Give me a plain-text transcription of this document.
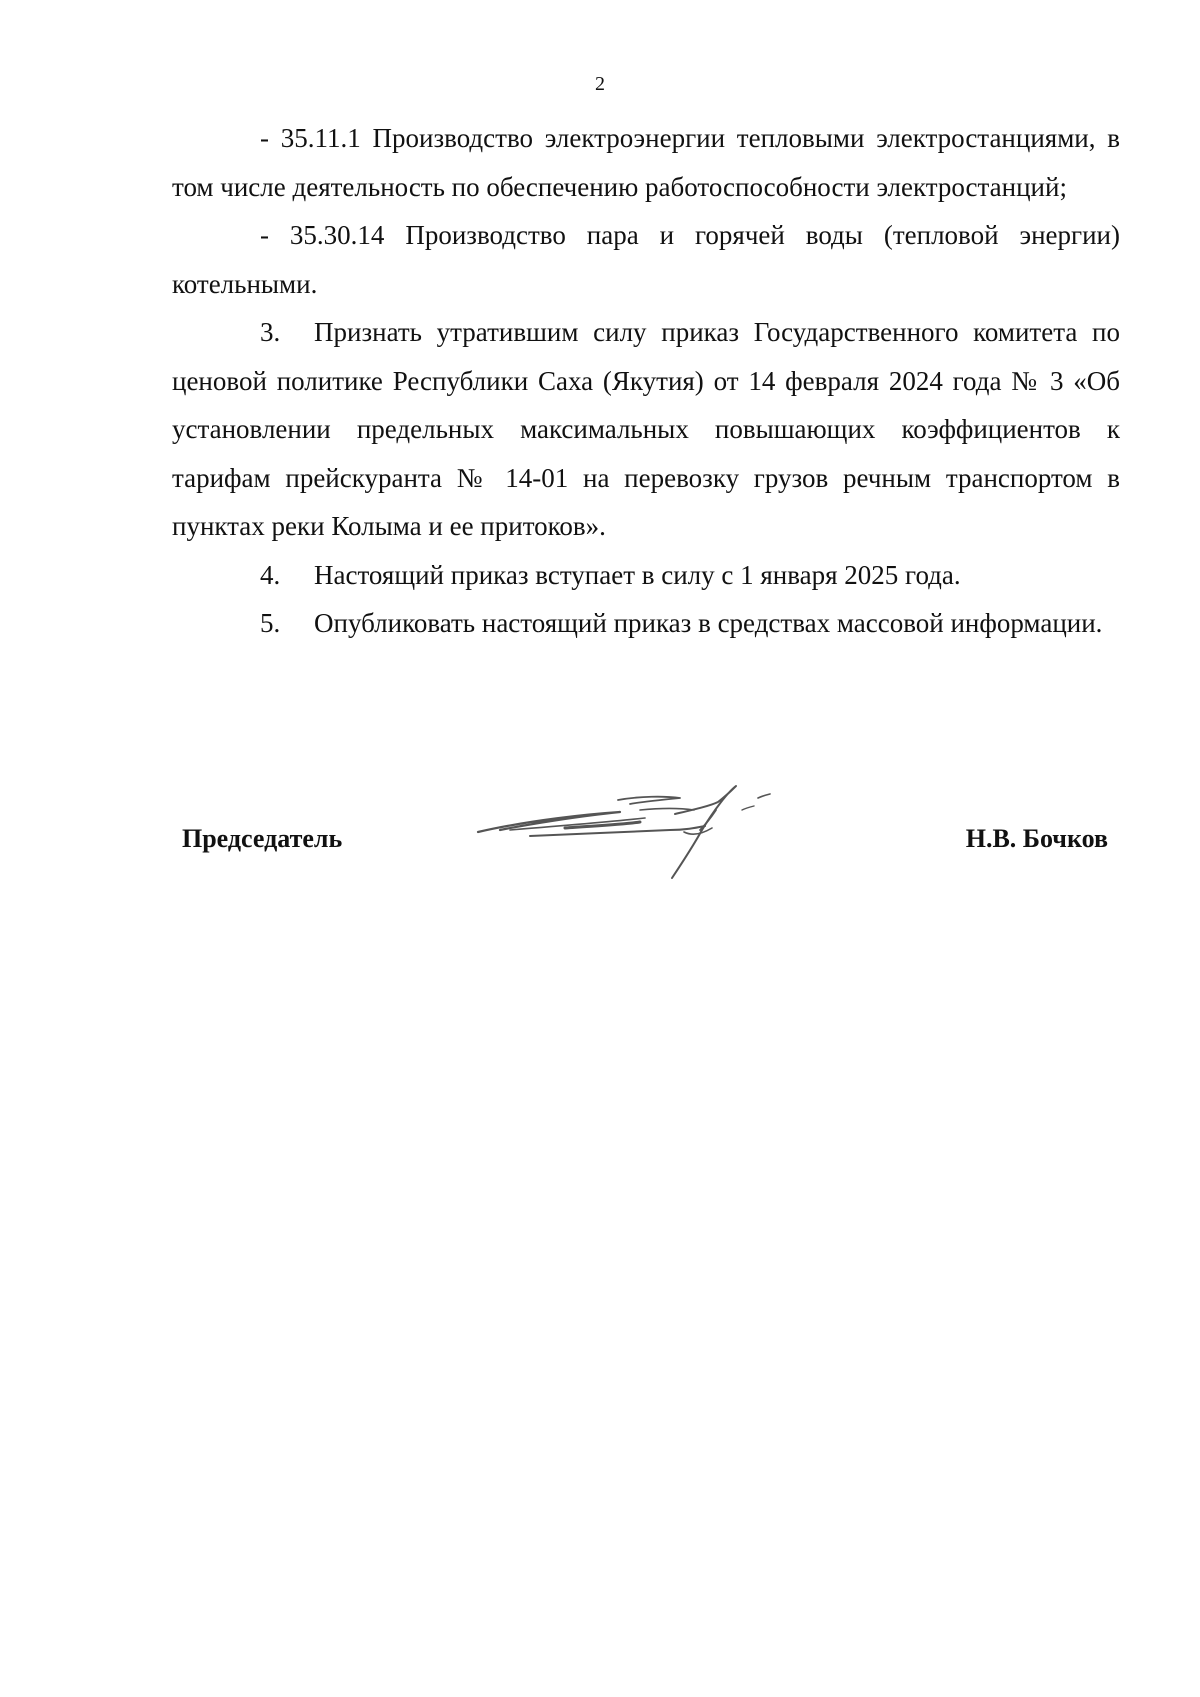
2

- 35.11.1 Производство электроэнергии тепловыми электростанциями, в том числе деятельность по обеспечению работоспособности электростанций;

- 35.30.14 Производство пара и горячей воды (тепловой энергии) котельными.

3. Признать утратившим силу приказ Государственного комитета по ценовой политике Республики Саха (Якутия) от 14 февраля 2024 года № 3 «Об установлении предельных максимальных повышающих коэффициентов к тарифам прейскуранта № 14-01 на перевозку грузов речным транспортом в пунктах реки Колыма и ее притоков».

4. Настоящий приказ вступает в силу с 1 января 2025 года.

5. Опубликовать настоящий приказ в средствах массовой информации.

Председатель	Н.В. Бочков
